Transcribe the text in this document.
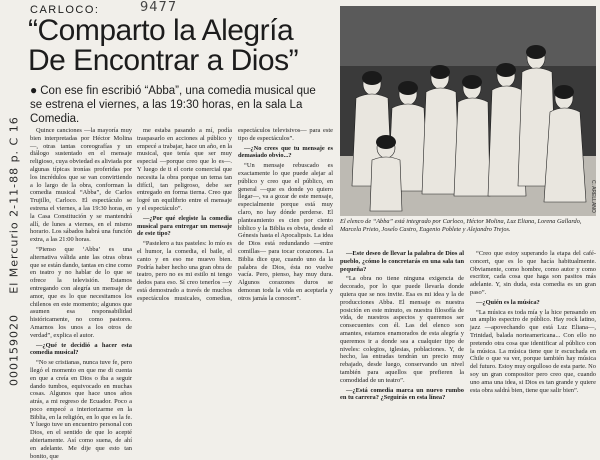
El Mercurio 2-11-88 p. C 16
000159020
9477
CARLOCO:
“Comparto la Alegría De Encontrar a Dios”
● Con ese fin escribió “Abba”, una comedia musical que se estrena el viernes, a las 19:30 horas, en la sala La Comedia.

Quince canciones —la mayoría muy bien interpretadas por Héctor Molina—, otras tantas coreografías y un diálogo sustentado en el mensaje religioso, cuya obviedad es aliviada por algunas típicas ironías proferidas por los incrédulos que se van convirtiendo a lo largo de la obra, conforman la comedia musical “Abba”, de Carlos Trujillo, Carloco. El espectáculo se estrena el viernes, a las 19:30 horas, en la Casa Constitución y se mantendrá allí, de lunes a viernes, en el mismo horario. Los sábados habrá una función extra, a las 21:00 horas.

“Pienso que ‘Abba’ es una alternativa válida ante las otras obras que se están dando, tantas en cine como en teatro y no hablar de lo que se ofrece la televisión. Estamos entregando con alegría un mensaje de amor, que es lo que necesitamos los chilenos en este momento; algunos que asumen esa responsabilidad históricamente, no como pastores. Amarnos los unos a los otros de verdad”, explica el autor.

—¿Qué te decidió a hacer esta comedia musical?

“No se cristianas, nunca tuve fe, pero llegó el momento en que me di cuenta en que a creía en Dios o iba a seguir dando tumbos, equivocado en muchas cosas. Algunos que hace unos años atrás, a mi regreso de Ecuador. Poco a poco empecé a interiorizarme en la Biblia, en la religión, en lo que es la fe. Y luego tuve un encuentro personal con Dios, en el sentido de que lo acepté abiertamente. Así como suena, de ahí en adelante. Me dije que esto tan bonito, que

me estaba pasando a mí, podía traspasarlo en acciones al público y empecé a trabajar, hace un año, en la musical, que tenía que ser muy especial —porque creo que lo es—. Y luego de ti el corte comercial que necesita la obra porque un tema tan difícil, tan peligroso, debe ser entregado en forma tierna. Creo que logré un equilibrio entre el mensaje y el espectáculo”.

—¿Por qué elegiste la comedia musical para entregar un mensaje de este tipo?

“Pastelero a tus pasteles: lo mío es el humor, la comedia, el baile, el canto y en eso me muevo bien. Podría haber hecho una gran obra de teatro, pero no es mi estilo ni tengo dedos para eso. Sí creo tenerlos —y está demostrado a través de muchos espectáculos musicales, comedias, espectáculos televisivos— para este tipo de espectáculos”.

—¿No crees que tu mensaje es demasiado obvio...?

“Un mensaje rebuscado es exactamente lo que puede alejar al público y creo que el público, en general —que es donde yo quiero llegar—, va a gozar de este mensaje, especialmente porque está muy claro, no hay dónde perderse. El planteamiento es cien por ciento bíblico y la Biblia es obvia, desde el Génesis hasta el Apocalipsis. La idea de Dios está redundando —entre comillas— para tocar corazones. La Biblia dice que, cuando uno da la palabra de Dios, ésta no vuelve vacía. Pero, pienso, hay muy dura. Algunos corazones duros se demoran toda la vida en aceptarla y otros jamás la conocen”.

C. ARELLANO
El elenco de “Abba” está integrado por Carloco, Héctor Molina, Luz Eliana, Lorena Gallardo, Marcela Prieto, Joselo Castro, Eugenio Poblete y Alejandro Trejos.

—Este deseo de llevar la palabra de Dios al pueblo, ¿cómo lo concretarás en una sala tan pequeña?

“La obra no tiene ninguna exigencia de decorado, por lo que puede llevarla donde quiera que se nos invite. Esa es mi idea y la de producciones Abba. El mensaje es nuestra posición en este minuto, es nuestra filosofía de vida, de nuestros aspectos y queremos ser consecuentes con él. Las del elenco son amantes, estamos enamorados de esta alegría y queremos ir a donde sea a cualquier tipo de niveles: colegios, iglesias, poblaciones. Y, de hecho, las entradas tendrán un precio muy rebajado, desde luego, conservando un nivel también para aquellos que prefieren la comodidad de un teatro”.

—¿Está comedia marca un nuevo rumbo en tu carrera? ¿Seguirás en esta línea?

“Creo que estoy superando la etapa del café-concert, que es lo que hacía habitualmente. Obviamente, como hombre, como autor y como escritor, cada cosa que haga son pasitos más adelante. Y, sin duda, esta comedia es un gran paso”.

—¿Quién es la música?

“La música es toda mía y la hice pensando en un amplio espectro de público. Hay rock latino, jazz —apovechando que está Luz Eliana—, Trinidad, balada norteamericana... Con ello no pretendo otra cosa que identificar al público con la música. La música tiene que ir escuchada en Chile o que va ver, porque también hay música del futuro. Estoy muy orgulloso de esta parte. No soy un gran compositor pero creo que, cuando uno ama una idea, si Dios es tan grande y quiere esta obra saldrá bien, tiene que salir bien”.
